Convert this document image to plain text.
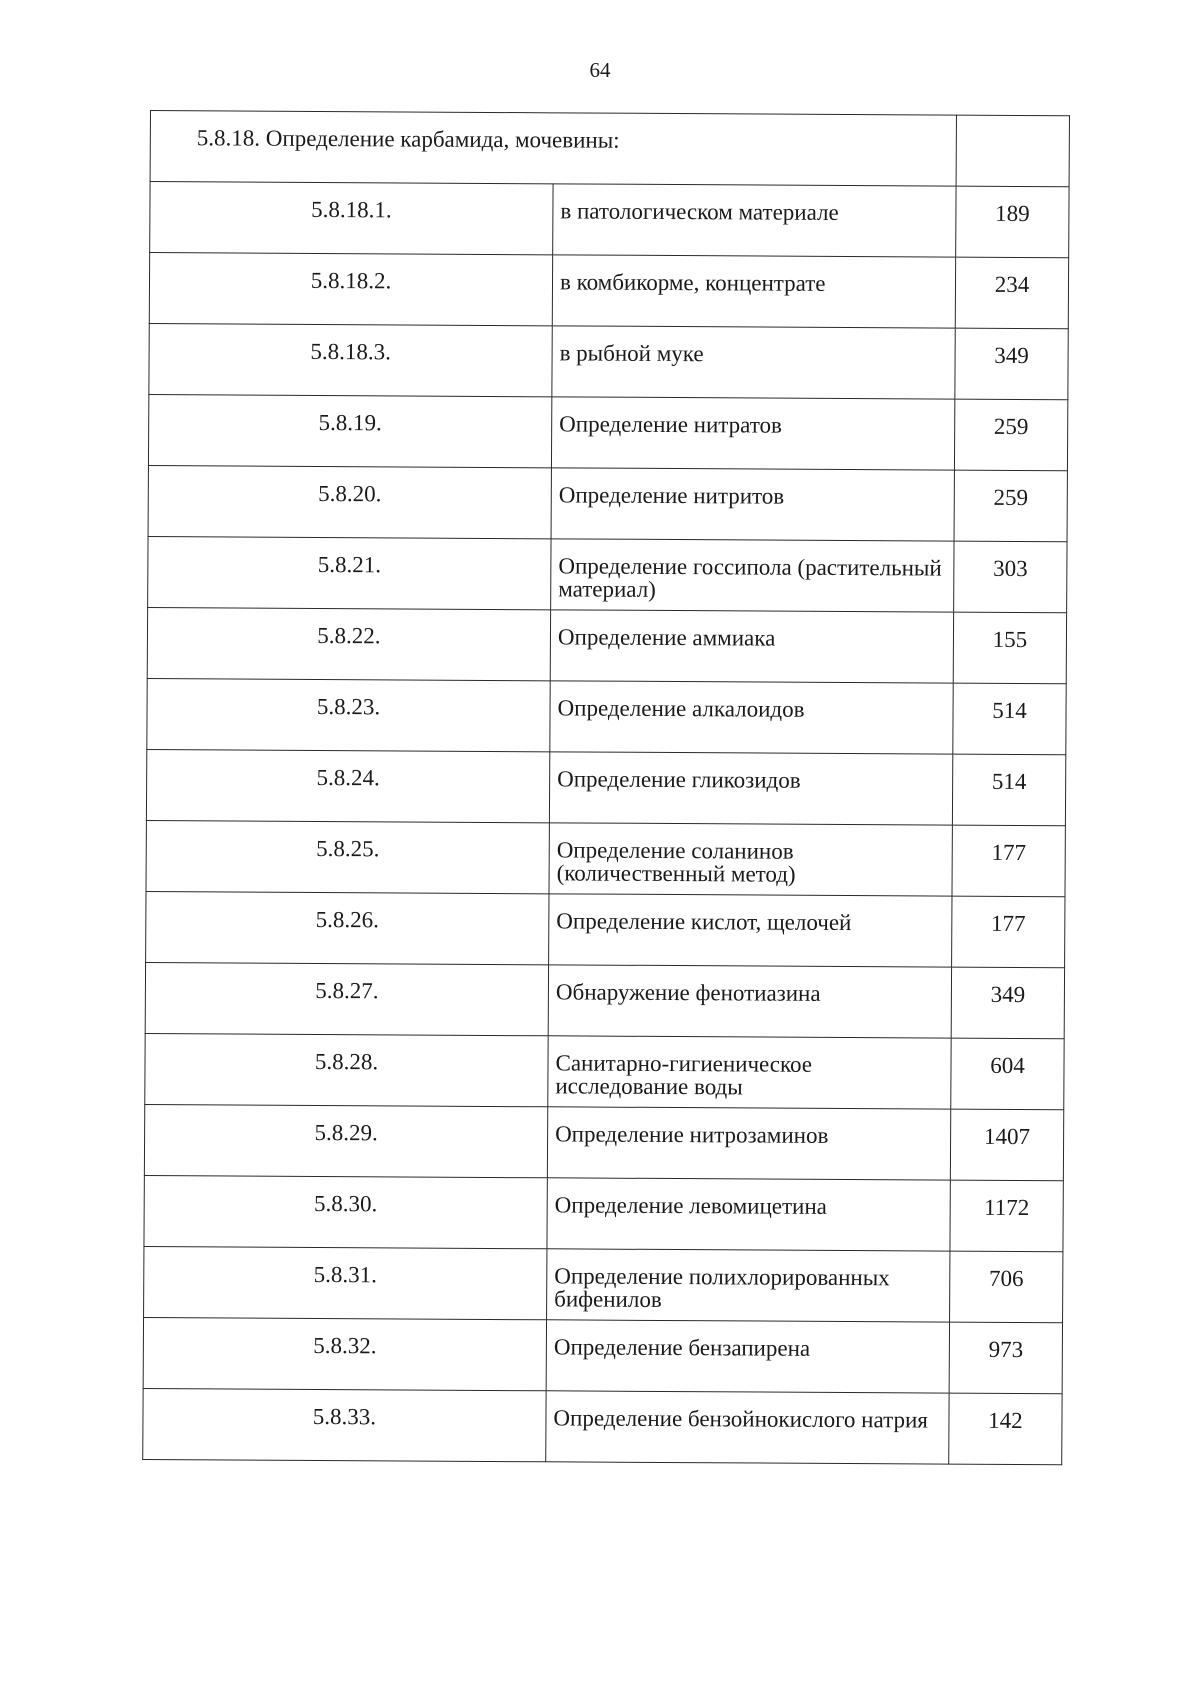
64
5.8.18. Определение карбамида, мочевины:		

5.8.18.1.	в патологическом материале	189

5.8.18.2.	в комбикорме, концентрате	234

5.8.18.3.	в рыбной муке	349

5.8.19.	Определение нитратов	259

5.8.20.	Определение нитритов	259

5.8.21.	Определение госсипола (растительный материал)	303

5.8.22.	Определение аммиака	155

5.8.23.	Определение алкалоидов	514

5.8.24.	Определение гликозидов	514

5.8.25.	Определение соланинов (количественный метод)	177

5.8.26.	Определение кислот, щелочей	177

5.8.27.	Обнаружение фенотиазина	349

5.8.28.	Санитарно-гигиеническое исследование воды	604

5.8.29.	Определение нитрозаминов	1407

5.8.30.	Определение левомицетина	1172

5.8.31.	Определение полихлорированных бифенилов	706

5.8.32.	Определение бензапирена	973

5.8.33.	Определение бензойнокислого натрия	142
